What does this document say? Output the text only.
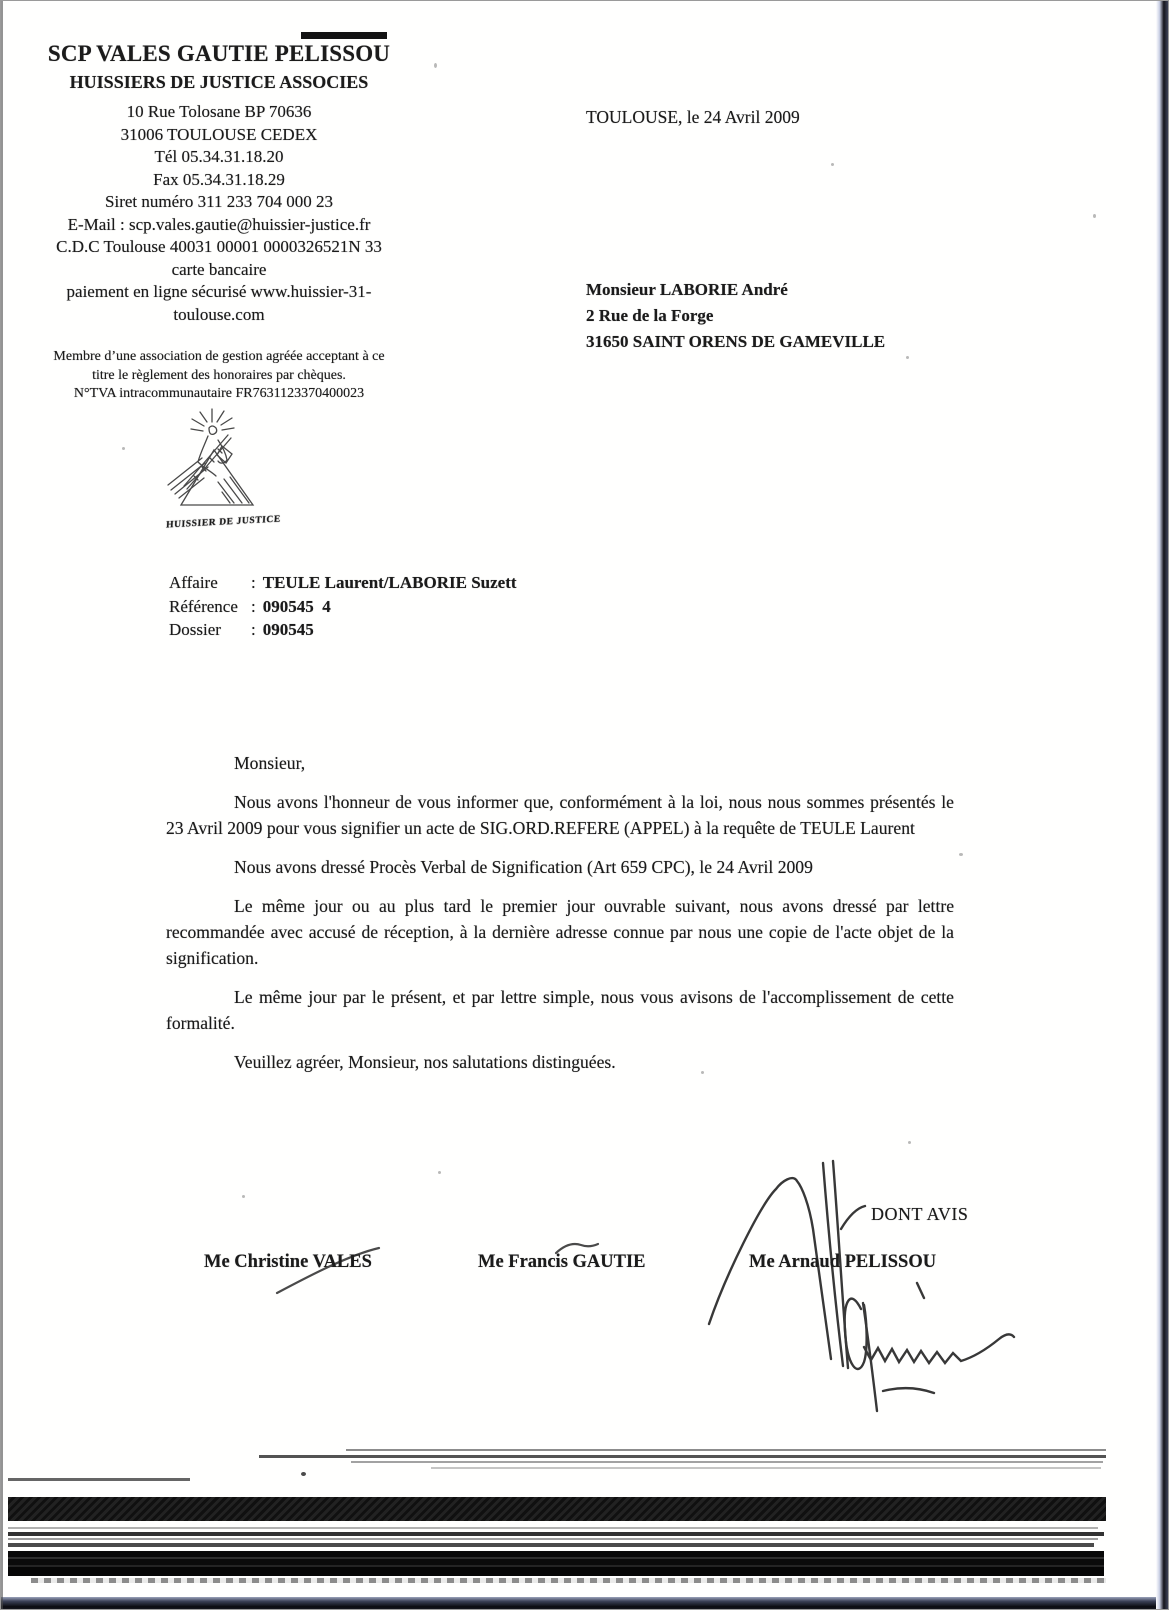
SCP VALES GAUTIE PELISSOU
HUISSIERS DE JUSTICE ASSOCIES
10 Rue Tolosane BP 70636
31006 TOULOUSE CEDEX
Tél 05.34.31.18.20
Fax 05.34.31.18.29
Siret numéro 311 233 704 000 23
E-Mail : scp.vales.gautie@huissier-justice.fr
C.D.C Toulouse 40031 00001 0000326521N 33
carte bancaire
paiement en ligne sécurisé www.huissier-31-
toulouse.com
Membre d’une association de gestion agréée acceptant à ce
titre le règlement des honoraires par chèques.
N°TVA intracommunautaire FR7631123370400023
HUISSIER DE JUSTICE
TOULOUSE, le 24 Avril 2009
Monsieur LABORIE André
2 Rue de la Forge
31650 SAINT ORENS DE GAMEVILLE
Affaire	: TEULE Laurent/LABORIE Suzett
Référence : 090545  4
Dossier	: 090545

Monsieur,

Nous avons l'honneur de vous informer que, conformément à la loi, nous nous sommes présentés le 23 Avril 2009 pour vous signifier un acte de SIG.ORD.REFERE (APPEL) à la requête de TEULE Laurent

Nous avons dressé Procès Verbal de Signification (Art 659 CPC), le 24 Avril 2009

Le même jour ou au plus tard le premier jour ouvrable suivant, nous avons dressé par lettre recommandée avec accusé de réception, à la dernière adresse connue par nous une copie de l'acte objet de la signification.

Le même jour par le présent, et par lettre simple, nous vous avisons de l'accomplissement de cette formalité.

Veuillez agréer, Monsieur, nos salutations distinguées.

DONT AVIS
Me Christine VALES	Me Francis GAUTIE	Me Arnaud PELISSOU
